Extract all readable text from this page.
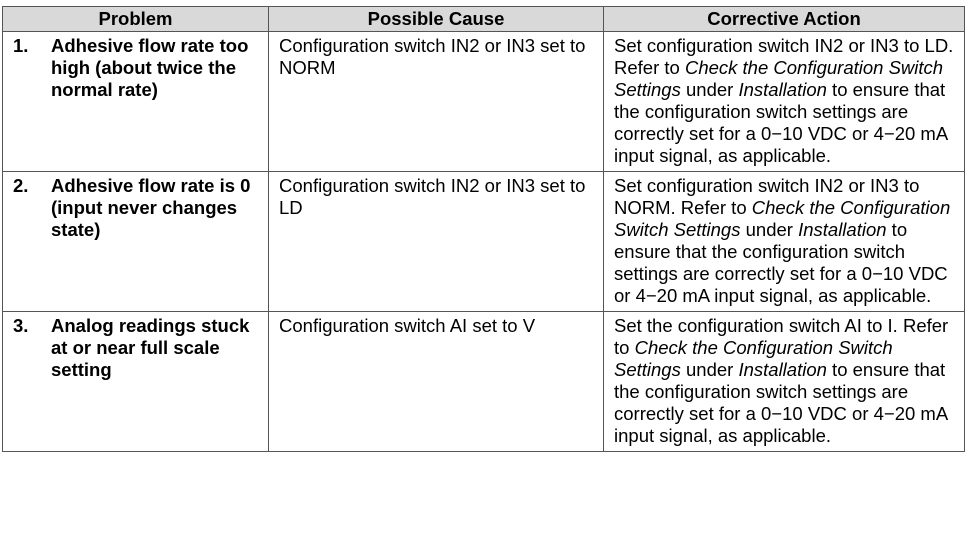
Problem	Possible Cause	Corrective Action

1. Adhesive flow rate too high (about twice the normal rate)	Configuration switch IN2 or IN3 set to NORM	Set configuration switch IN2 or IN3 to LD. Refer to Check the Configuration Switch Settings under Installation to ensure that the configuration switch settings are correctly set for a 0−10 VDC or 4−20 mA input signal, as applicable.

2. Adhesive flow rate is 0 (input never changes state)	Configuration switch IN2 or IN3 set to LD	Set configuration switch IN2 or IN3 to NORM. Refer to Check the Configuration Switch Settings under Installation to ensure that the configuration switch settings are correctly set for a 0−10 VDC or 4−20 mA input signal, as applicable.

3. Analog readings stuck at or near full scale setting	Configuration switch AI set to V	Set the configuration switch AI to I. Refer to Check the Configuration Switch Settings under Installation to ensure that the configuration switch settings are correctly set for a 0−10 VDC or 4−20 mA input signal, as applicable.
